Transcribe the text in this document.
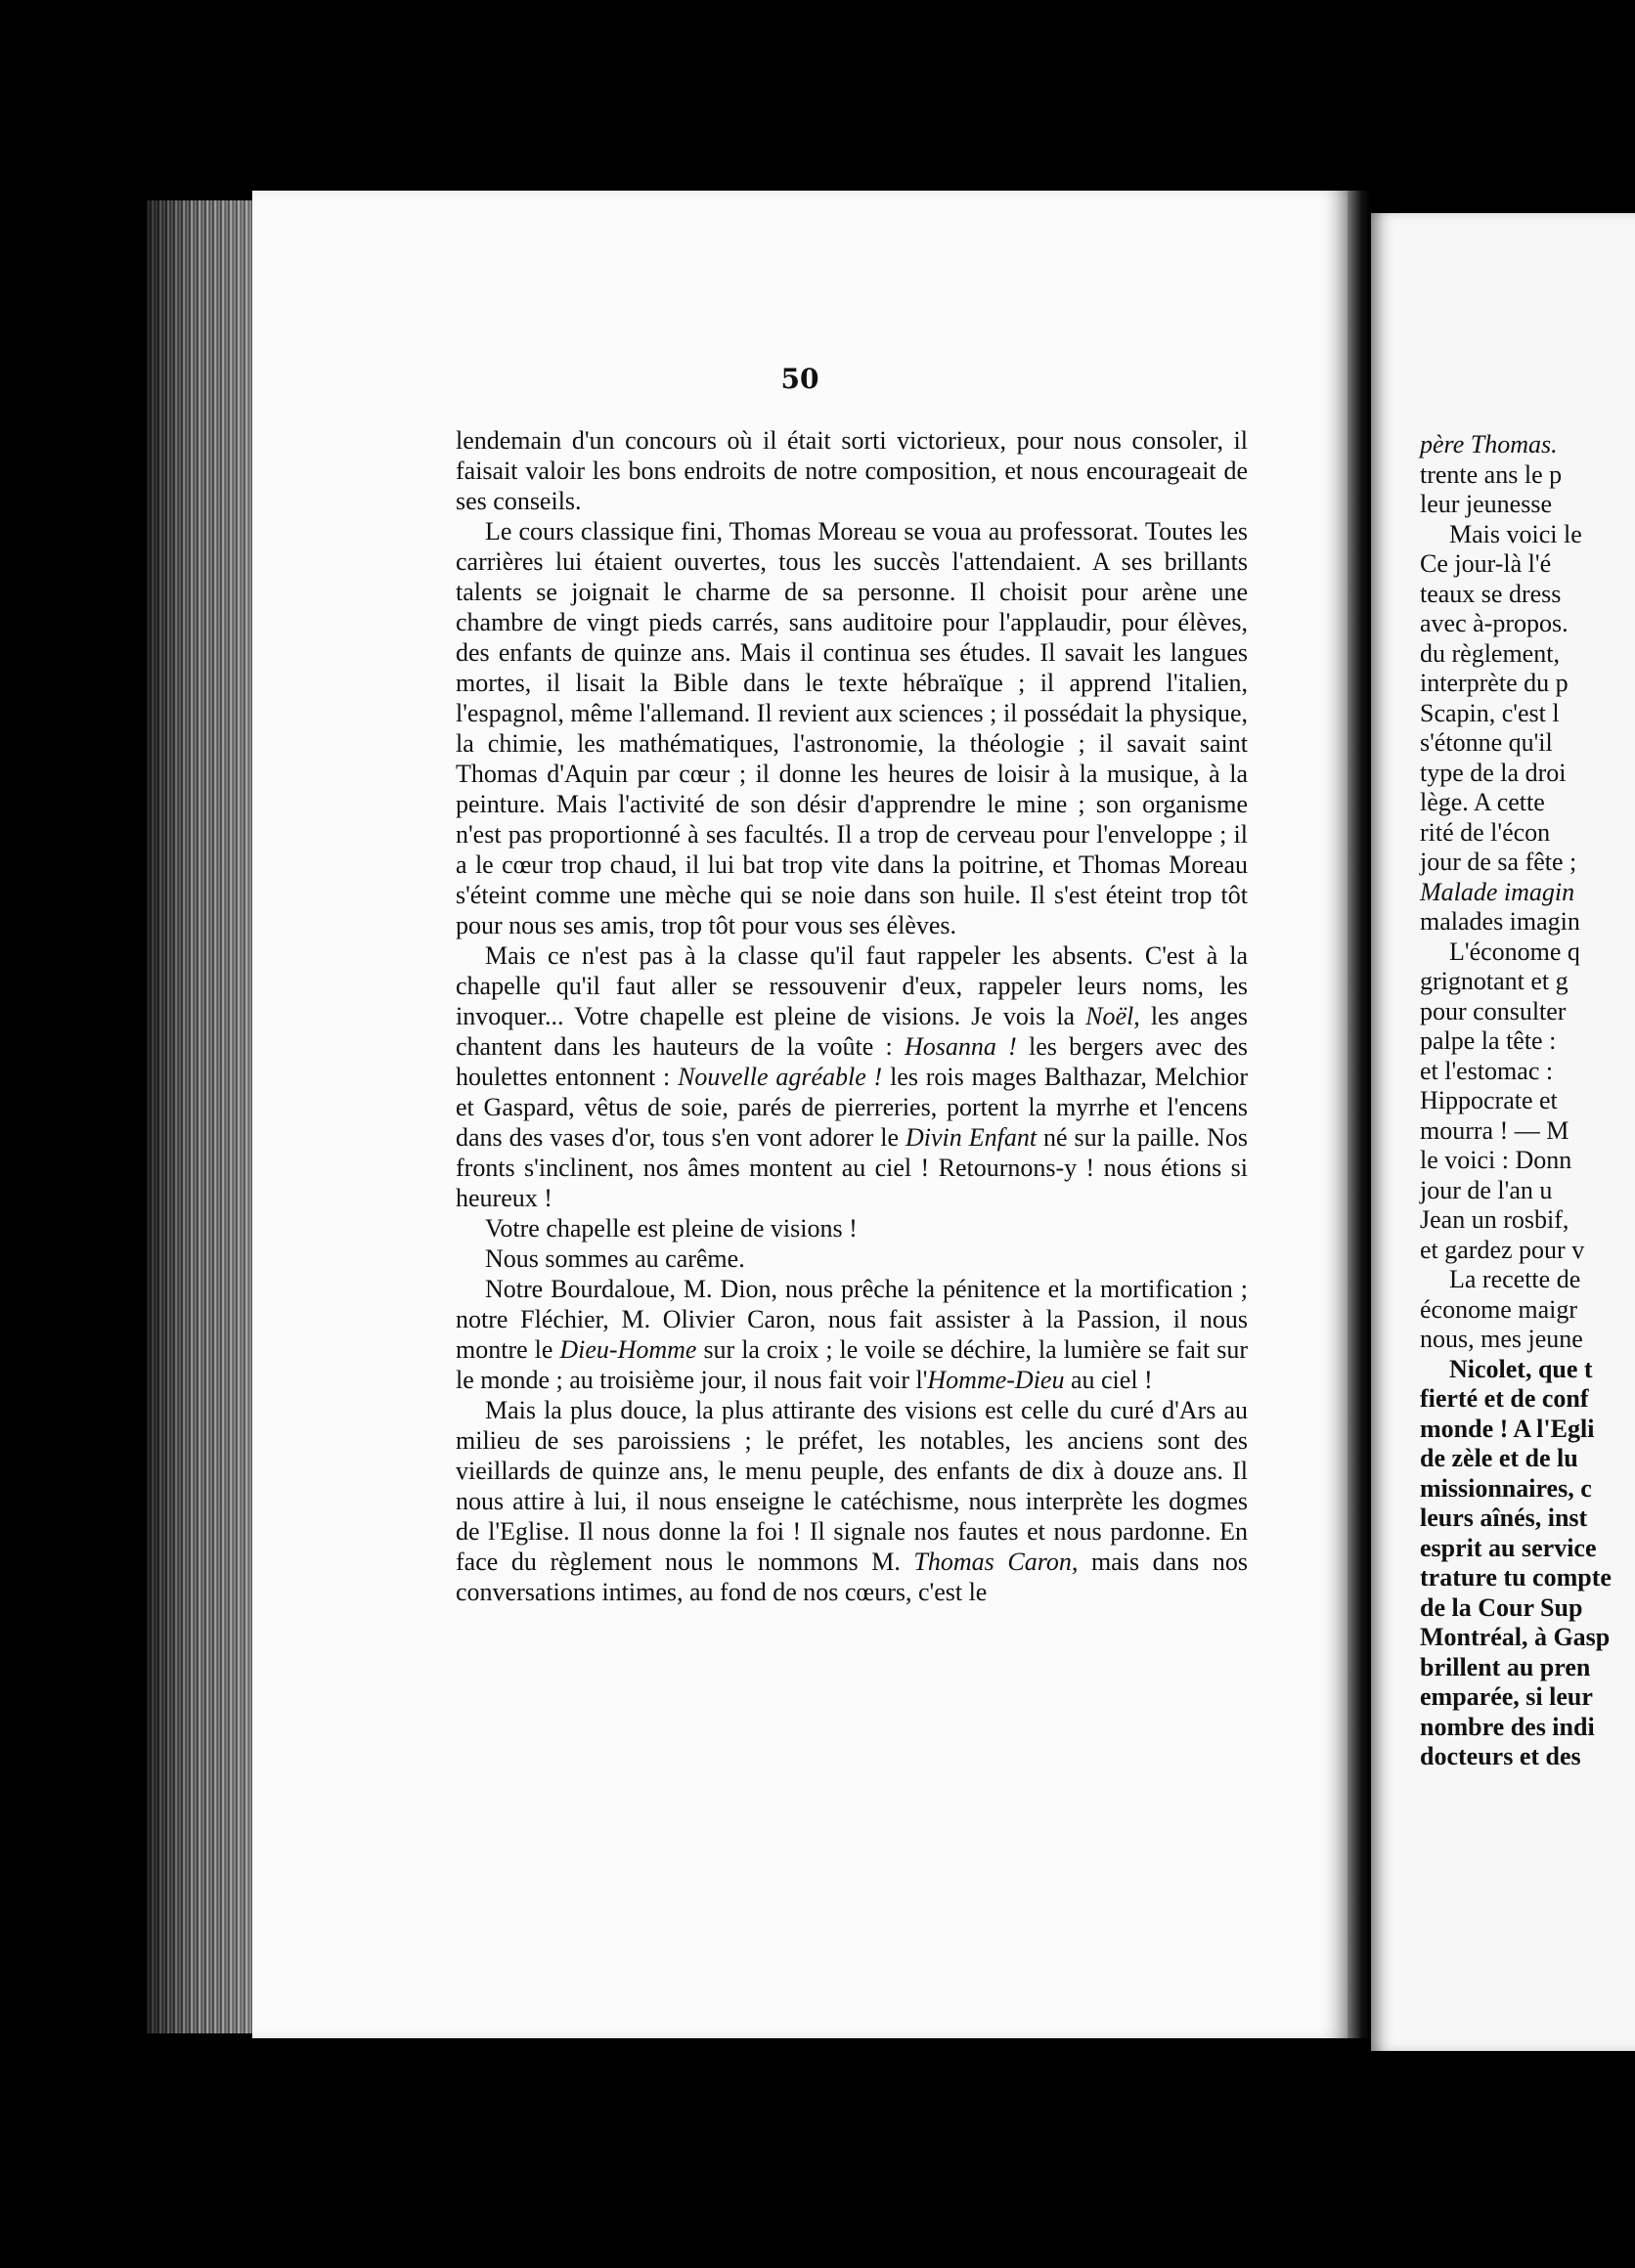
50

lendemain d'un concours où il était sorti victorieux, pour nous consoler, il faisait valoir les bons endroits de notre composition, et nous encourageait de ses conseils.

Le cours classique fini, Thomas Moreau se voua au professorat. Toutes les carrières lui étaient ouvertes, tous les succès l'attendaient. A ses brillants talents se joignait le charme de sa personne. Il choisit pour arène une chambre de vingt pieds carrés, sans auditoire pour l'applaudir, pour élèves, des enfants de quinze ans. Mais il continua ses études. Il savait les langues mortes, il lisait la Bible dans le texte hébraïque ; il apprend l'italien, l'espagnol, même l'allemand. Il revient aux sciences ; il possédait la physique, la chimie, les mathématiques, l'astronomie, la théologie ; il savait saint Thomas d'Aquin par cœur ; il donne les heures de loisir à la musique, à la peinture. Mais l'activité de son désir d'apprendre le mine ; son organisme n'est pas proportionné à ses facultés. Il a trop de cerveau pour l'enveloppe ; il a le cœur trop chaud, il lui bat trop vite dans la poitrine, et Thomas Moreau s'éteint comme une mèche qui se noie dans son huile. Il s'est éteint trop tôt pour nous ses amis, trop tôt pour vous ses élèves.

Mais ce n'est pas à la classe qu'il faut rappeler les absents. C'est à la chapelle qu'il faut aller se ressouvenir d'eux, rappeler leurs noms, les invoquer... Votre chapelle est pleine de visions. Je vois la Noël, les anges chantent dans les hauteurs de la voûte : Hosanna ! les bergers avec des houlettes entonnent : Nouvelle agréable ! les rois mages Balthazar, Melchior et Gaspard, vêtus de soie, parés de pierreries, portent la myrrhe et l'encens dans des vases d'or, tous s'en vont adorer le Divin Enfant né sur la paille. Nos fronts s'inclinent, nos âmes montent au ciel ! Retournons-y ! nous étions si heureux !

Votre chapelle est pleine de visions !

Nous sommes au carême.

Notre Bourdaloue, M. Dion, nous prêche la pénitence et la mortification ; notre Fléchier, M. Olivier Caron, nous fait assister à la Passion, il nous montre le Dieu-Homme sur la croix ; le voile se déchire, la lumière se fait sur le monde ; au troisième jour, il nous fait voir l'Homme-Dieu au ciel !

Mais la plus douce, la plus attirante des visions est celle du curé d'Ars au milieu de ses paroissiens ; le préfet, les notables, les anciens sont des vieillards de quinze ans, le menu peuple, des enfants de dix à douze ans. Il nous attire à lui, il nous enseigne le catéchisme, nous interprète les dogmes de l'Eglise. Il nous donne la foi ! Il signale nos fautes et nous pardonne. En face du règlement nous le nommons M. Thomas Caron, mais dans nos conversations intimes, au fond de nos cœurs, c'est le

père Thomas.
trente ans le p
leur jeunesse
Mais voici le
Ce jour-là l'é
teaux se dress
avec à-propos.
du règlement,
interprète du p
Scapin, c'est l
s'étonne qu'il
type de la droi
lège. A cette
rité de l'écon
jour de sa fête ;
Malade imagin
malades imagin
L'économe q
grignotant et g
pour consulter
palpe la tête :
et l'estomac :
Hippocrate et
mourra ! — M
le voici : Donn
jour de l'an u
Jean un rosbif,
et gardez pour v
La recette de
économe maigr
nous, mes jeune
Nicolet, que t
fierté et de conf
monde ! A l'Egli
de zèle et de lu
missionnaires, c
leurs aînés, inst
esprit au service
trature tu compte
de la Cour Sup
Montréal, à Gasp
brillent au pren
emparée, si leur
nombre des indi
docteurs et des
